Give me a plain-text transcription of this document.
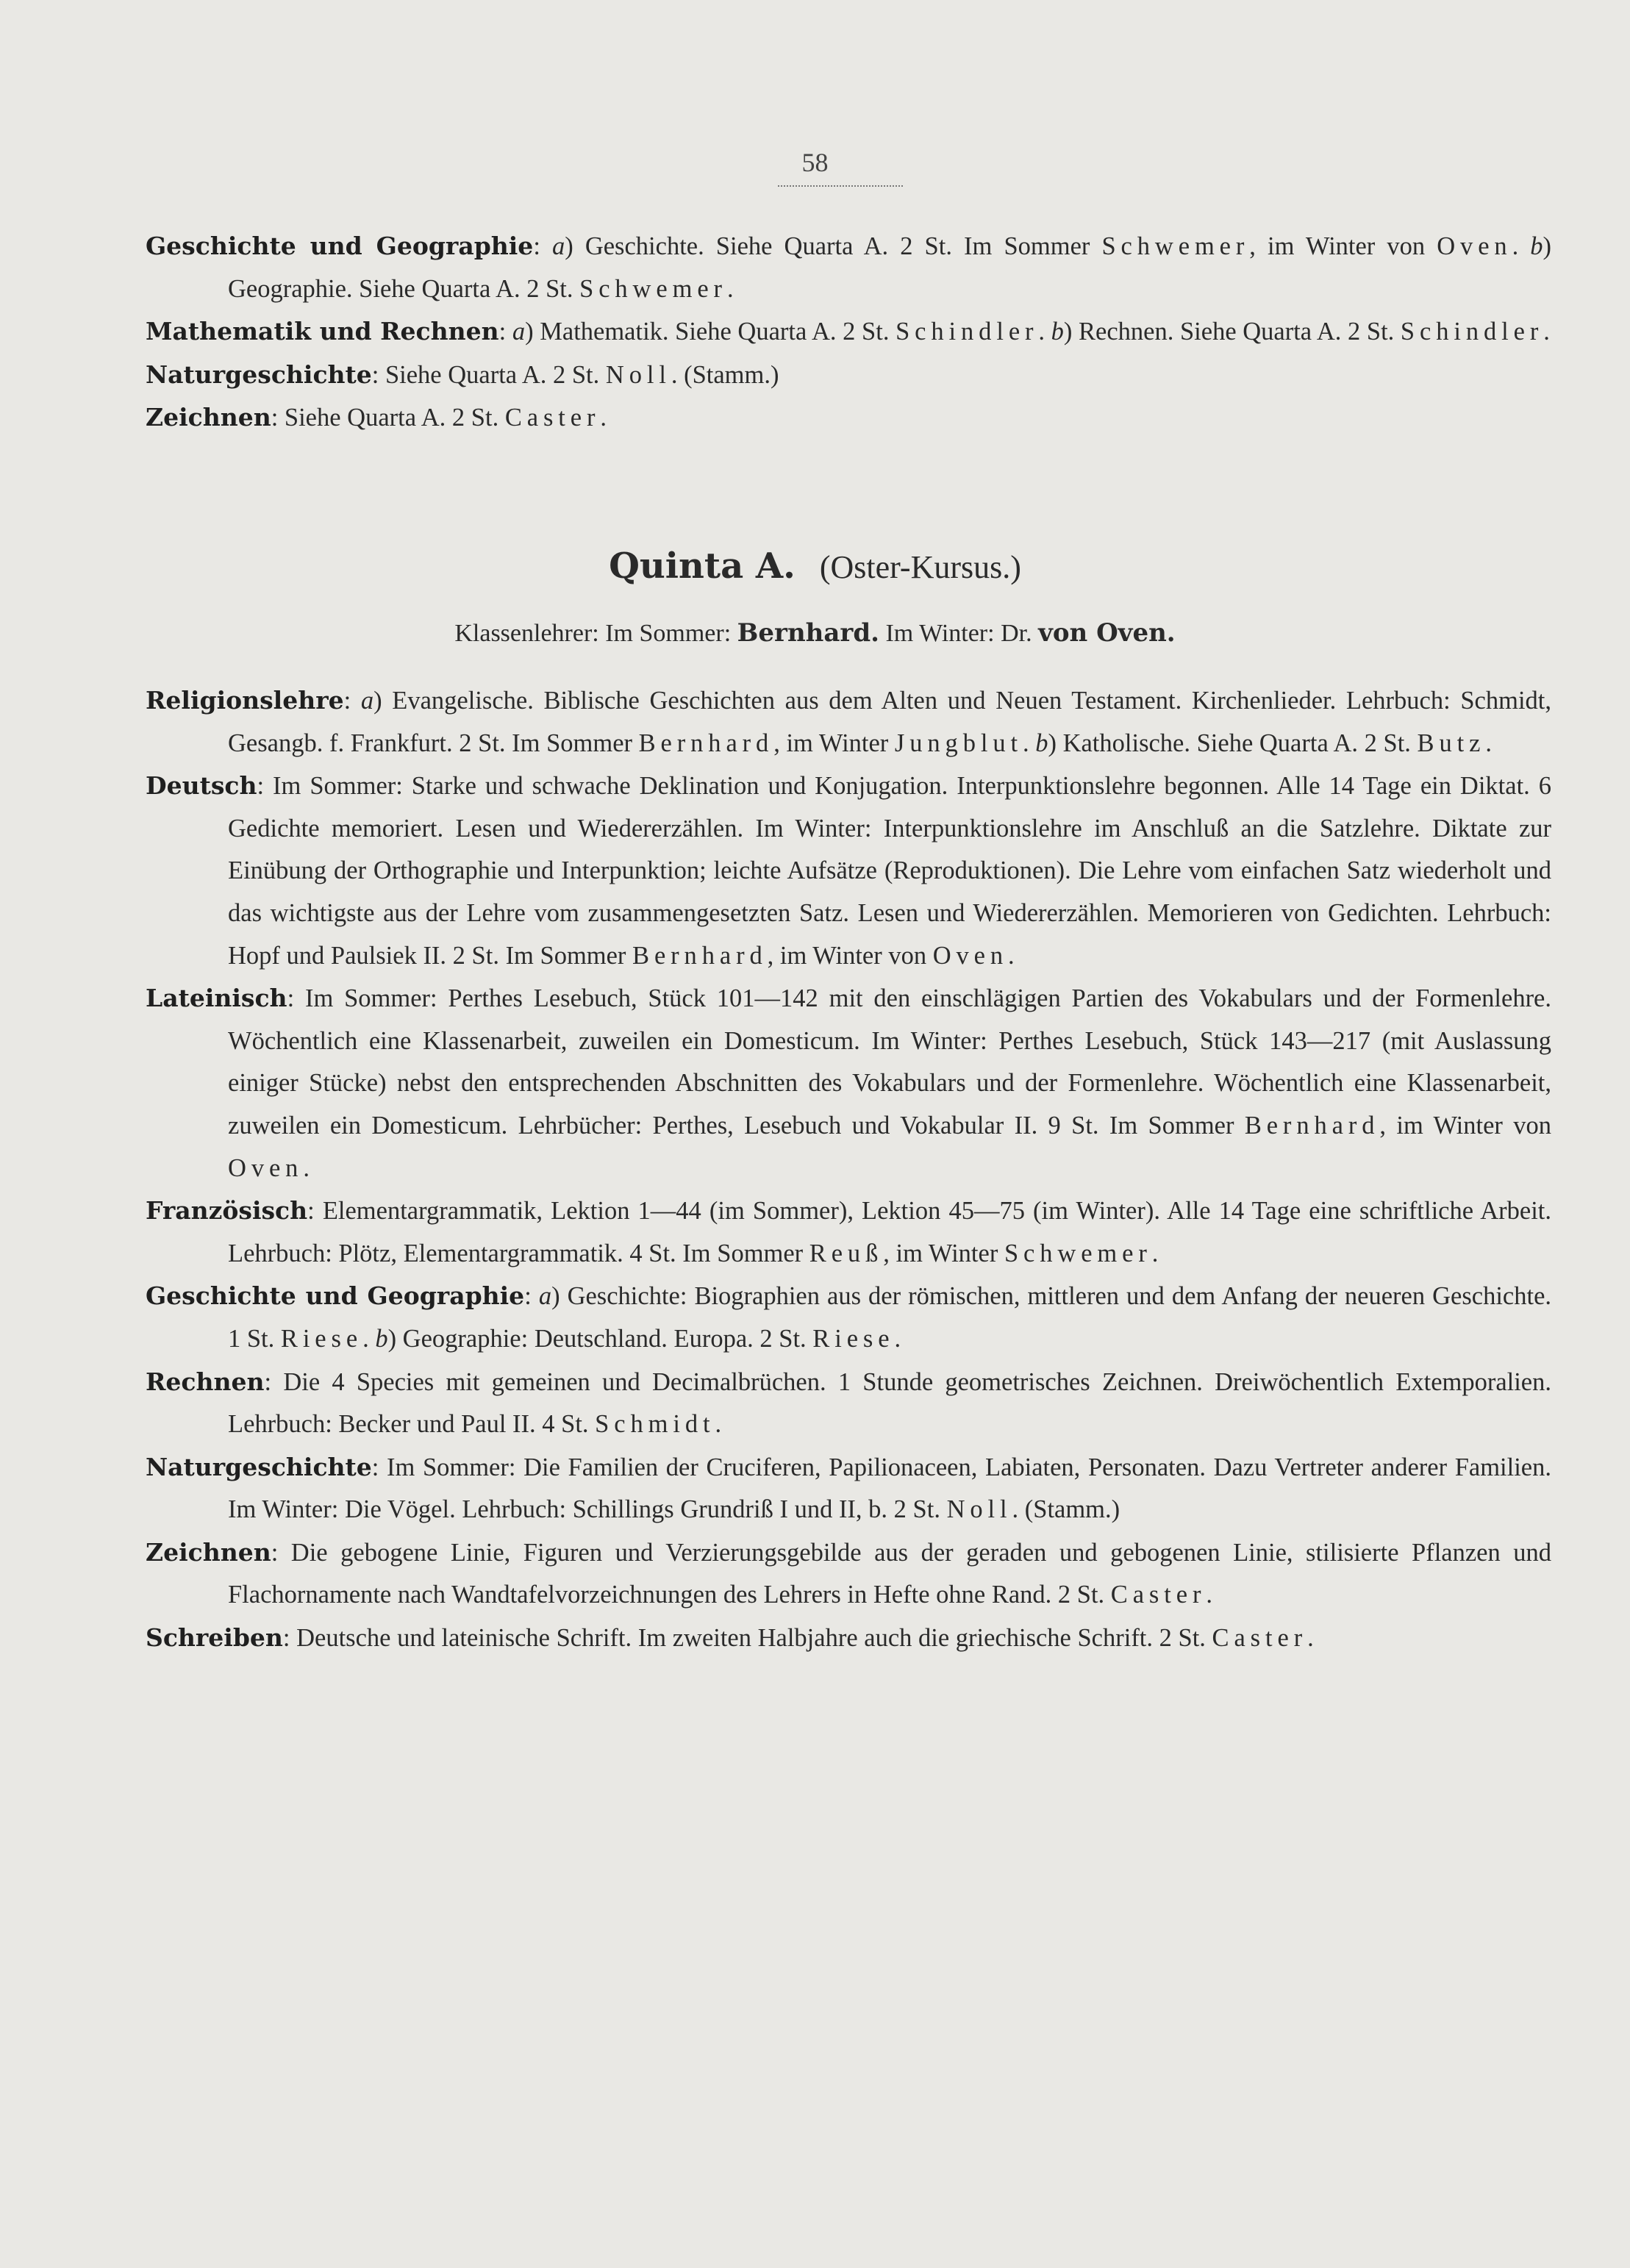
58

Geschichte und Geographie: a) Geschichte. Siehe Quarta A. 2 St. Im Sommer Schwemer, im Winter von Oven. b) Geographie. Siehe Quarta A. 2 St. Schwemer.

Mathematik und Rechnen: a) Mathematik. Siehe Quarta A. 2 St. Schindler. b) Rechnen. Siehe Quarta A. 2 St. Schindler.

Naturgeschichte: Siehe Quarta A. 2 St. Noll. (Stamm.)

Zeichnen: Siehe Quarta A. 2 St. Caster.

Quinta A. (Oster-Kursus.)
Klassenlehrer: Im Sommer: Bernhard. Im Winter: Dr. von Oven.

Religionslehre: a) Evangelische. Biblische Geschichten aus dem Alten und Neuen Testament. Kirchenlieder. Lehrbuch: Schmidt, Gesangb. f. Frankfurt. 2 St. Im Sommer Bernhard, im Winter Jungblut. b) Katholische. Siehe Quarta A. 2 St. Butz.

Deutsch: Im Sommer: Starke und schwache Deklination und Konjugation. Interpunktionslehre begonnen. Alle 14 Tage ein Diktat. 6 Gedichte memoriert. Lesen und Wiedererzählen. Im Winter: Interpunktionslehre im Anschluß an die Satzlehre. Diktate zur Einübung der Orthographie und Interpunktion; leichte Aufsätze (Reproduktionen). Die Lehre vom einfachen Satz wiederholt und das wichtigste aus der Lehre vom zusammengesetzten Satz. Lesen und Wiedererzählen. Memorieren von Gedichten. Lehrbuch: Hopf und Paulsiek II. 2 St. Im Sommer Bernhard, im Winter von Oven.

Lateinisch: Im Sommer: Perthes Lesebuch, Stück 101—142 mit den einschlägigen Partien des Vokabulars und der Formenlehre. Wöchentlich eine Klassenarbeit, zuweilen ein Domesticum. Im Winter: Perthes Lesebuch, Stück 143—217 (mit Auslassung einiger Stücke) nebst den entsprechenden Abschnitten des Vokabulars und der Formenlehre. Wöchentlich eine Klassenarbeit, zuweilen ein Domesticum. Lehrbücher: Perthes, Lesebuch und Vokabular II. 9 St. Im Sommer Bernhard, im Winter von Oven.

Französisch: Elementargrammatik, Lektion 1—44 (im Sommer), Lektion 45—75 (im Winter). Alle 14 Tage eine schriftliche Arbeit. Lehrbuch: Plötz, Elementargrammatik. 4 St. Im Sommer Reuß, im Winter Schwemer.

Geschichte und Geographie: a) Geschichte: Biographien aus der römischen, mittleren und dem Anfang der neueren Geschichte. 1 St. Riese. b) Geographie: Deutschland. Europa. 2 St. Riese.

Rechnen: Die 4 Species mit gemeinen und Decimalbrüchen. 1 Stunde geometrisches Zeichnen. Dreiwöchentlich Extemporalien. Lehrbuch: Becker und Paul II. 4 St. Schmidt.

Naturgeschichte: Im Sommer: Die Familien der Cruciferen, Papilionaceen, Labiaten, Personaten. Dazu Vertreter anderer Familien. Im Winter: Die Vögel. Lehrbuch: Schillings Grundriß I und II, b. 2 St. Noll. (Stamm.)

Zeichnen: Die gebogene Linie, Figuren und Verzierungsgebilde aus der geraden und gebogenen Linie, stilisierte Pflanzen und Flachornamente nach Wandtafelvorzeichnungen des Lehrers in Hefte ohne Rand. 2 St. Caster.

Schreiben: Deutsche und lateinische Schrift. Im zweiten Halbjahre auch die griechische Schrift. 2 St. Caster.
